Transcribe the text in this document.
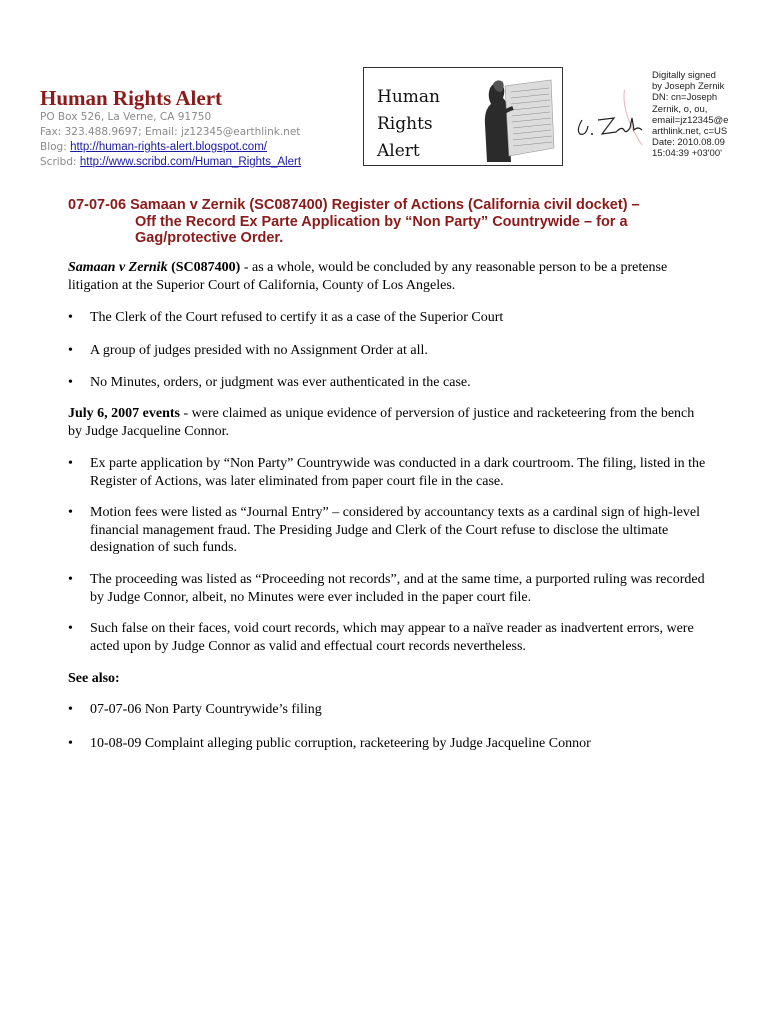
Human Rights Alert
PO Box 526, La Verne, CA 91750
Fax: 323.488.9697; Email: jz12345@earthlink.net
Blog: http://human-rights-alert.blogspot.com/
Scribd: http://www.scribd.com/Human_Rights_Alert
Human
Rights
Alert
Digitally signed
by Joseph Zernik
DN: cn=Joseph
Zernik, o, ou,
email=jz12345@e
arthlink.net, c=US
Date: 2010.08.09
15:04:39 +03'00'
07-07-06 Samaan v Zernik (SC087400) Register of Actions (California civil docket) –
Off the Record Ex Parte Application by “Non Party” Countrywide – for a
Gag/protective Order.

Samaan v Zernik (SC087400) - as a whole, would be concluded by any reasonable person to be a pretense litigation at the Superior Court of California, County of Los Angeles.

• The Clerk of the Court refused to certify it as a case of the Superior Court
• A group of judges presided with no Assignment Order at all.
• No Minutes, orders, or judgment was ever authenticated in the case.

July 6, 2007 events - were claimed as unique evidence of perversion of justice and racketeering from the bench by Judge Jacqueline Connor.

• Ex parte application by “Non Party” Countrywide was conducted in a dark courtroom. The filing, listed in the Register of Actions, was later eliminated from paper court file in the case.
• Motion fees were listed as “Journal Entry” – considered by accountancy texts as a cardinal sign of high-level financial management fraud. The Presiding Judge and Clerk of the Court refuse to disclose the ultimate designation of such funds.
• The proceeding was listed as “Proceeding not records”, and at the same time, a purported ruling was recorded by Judge Connor, albeit, no Minutes were ever included in the paper court file.
• Such false on their faces, void court records, which may appear to a naïve reader as inadvertent errors, were acted upon by Judge Connor as valid and effectual court records nevertheless.

See also:

• 07-07-06 Non Party Countrywide’s filing
• 10-08-09 Complaint alleging public corruption, racketeering by Judge Jacqueline Connor
